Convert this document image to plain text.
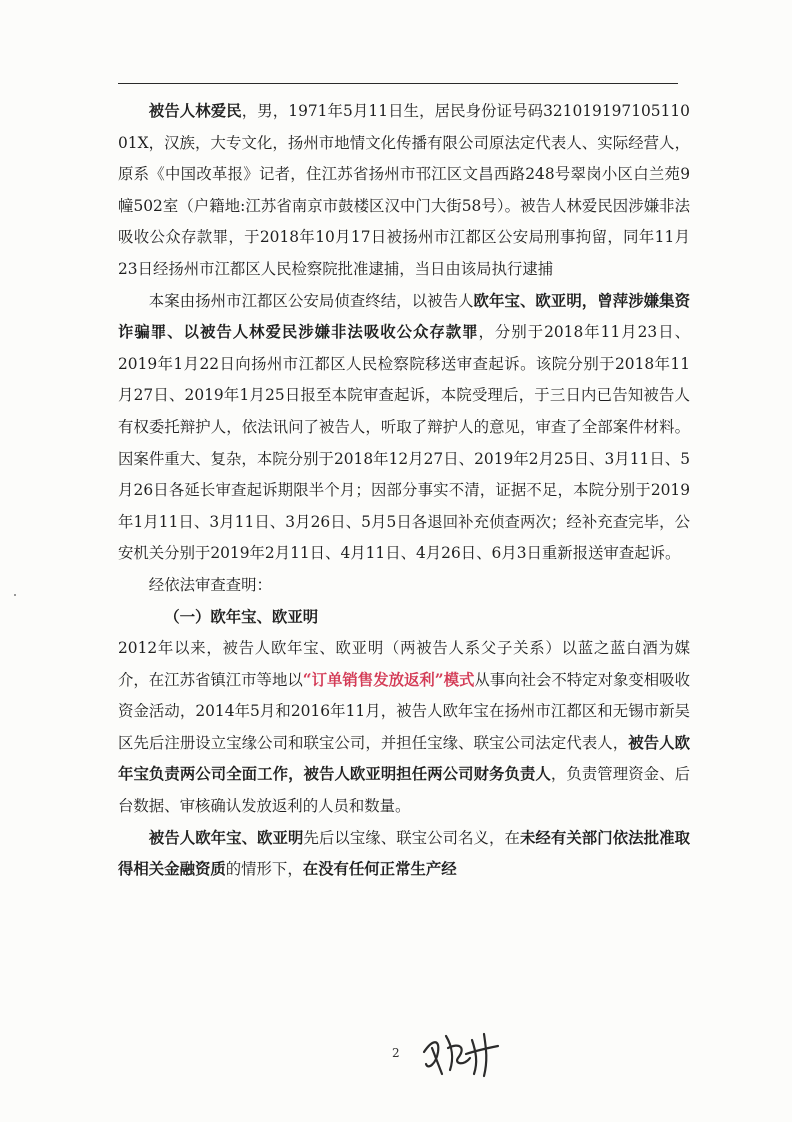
被告人林爱民，男，1971年5月11日生，居民身份证号码321019197105110 01X，汉族，大专文化，扬州市地情文化传播有限公司原法定代表人、实际经营人，原系《中国改革报》记者，住江苏省扬州市邗江区文昌西路248号翠岗小区白兰苑9幢502室（户籍地:江苏省南京市鼓楼区汉中门大街58号）。被告人林爱民因涉嫌非法吸收公众存款罪，于2018年10月17日被扬州市江都区公安局刑事拘留，同年11月23日经扬州市江都区人民检察院批准逮捕，当日由该局执行逮捕

本案由扬州市江都区公安局侦查终结，以被告人欧年宝、欧亚明，曾萍涉嫌集资诈骗罪、以被告人林爱民涉嫌非法吸收公众存款罪，分别于2018年11月23日、2019年1月22日向扬州市江都区人民检察院移送审查起诉。该院分别于2018年11月27日、2019年1月25日报至本院审查起诉，本院受理后，于三日内已告知被告人有权委托辩护人，依法讯问了被告人，听取了辩护人的意见，审查了全部案件材料。因案件重大、复杂，本院分别于2018年12月27日、2019年2月25日、3月11日、5月26日各延长审查起诉期限半个月；因部分事实不清，证据不足，本院分别于2019年1月11日、3月11日、3月26日、5月5日各退回补充侦查两次；经补充查完毕，公安机关分别于2019年2月11日、4月11日、4月26日、6月3日重新报送审查起诉。

经依法审查查明：

（一）欧年宝、欧亚明

2012年以来，被告人欧年宝、欧亚明（两被告人系父子关系）以蓝之蓝白酒为媒介，在江苏省镇江市等地以“订单销售发放返利”模式从事向社会不特定对象变相吸收资金活动，2014年5月和2016年11月，被告人欧年宝在扬州市江都区和无锡市新吴区先后注册设立宝缘公司和联宝公司，并担任宝缘、联宝公司法定代表人，被告人欧年宝负责两公司全面工作，被告人欧亚明担任两公司财务负责人，负责管理资金、后台数据、审核确认发放返利的人员和数量。

被告人欧年宝、欧亚明先后以宝缘、联宝公司名义，在未经有关部门依法批准取得相关金融资质的情形下，在没有任何正常生产经

2
